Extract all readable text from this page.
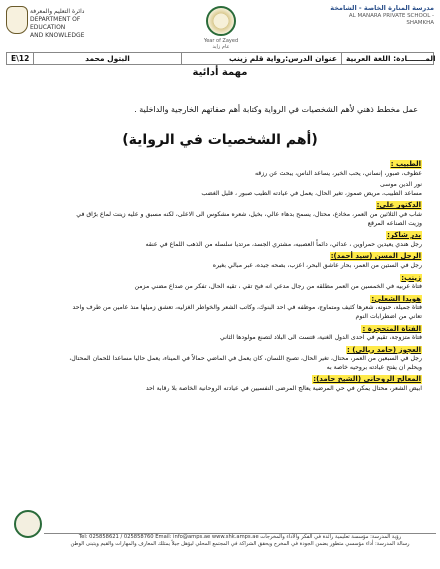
دائرة التعليم والمعرفة
DEPARTMENT OF EDUCATION
AND KNOWLEDGE
Year of Zayed
عام زايد
مدرسة المنارة الخاصة - الشامخة
AL MANARA PRIVATE SCHOOL - SHAMKHA
المـــــــادة: اللغة العربية
عنوان الدرس:رواية قلم زينب
البتول محمد
E\12
مهمة أدائية
عمل مخطط ذهني لأهم الشخصيات في الرواية وكتابة أهم صفاتهم الخارجية والداخلية .
(أهم الشخصيات في الرواية)
الطبيب :
عطوف، صبور، إنساني، يحب الخير، يساعد الناس، يبحث عن رزقه
نور الدين موسى
مساعد الطبيب، مريض صموز، تغير الحال، يعمل في عيادته الطيب صبور ، قليل الغضب
الدكتور علي:
شاب في الثلاثين من العمر، مخادع، محتال، يسمح بدهاء عالي، بخيل، شعره مشكوس الى الاعلى، لكنه مسبق و عليه زينت لماع برّاق في
وزيت الصناعه المرقع
بدر شاكر:
رجل هندي يعيدين حمراوين ، عدائي، دائماً العصبيه، مشتري الجسد، مرتديا سلسله من الذهب اللماع في عنقه
الرجل المسن (سيد أحمد):
رجل في الستين من العمر، بحار عاشق البحر، اعزب، بصحه جيده، عبر مبالي بغيره
زينب:
فتاة عربيه في الخمسين من العمر مطلقه من رجال مدعي انه فبح تقي ، تقيه الحال، تفكر من صداع مضني مزمن
هويدا الشعلي:
فتاة جميلة، حنونه، شعرها كثيف ومتماوج، موظفه في احد البنوك، وكاتب الشعر والخواطر الغزليه، تعشق زميلها منذ عامين من طرف واحد
تعاني من اضطرابات النوم
الفتاة المتحجرة :
فتاة متزوجة، تقيم في احدى الدول الغنية، قتست الى البلاد لتصنع مولودها الثاني
العجوز (حامد ربالي) :
رجل في السبعين من العمر، محتال، تغير الحال، تصبح اللسان، كان يعمل في الماضي حمالاً في الميناء، يعمل حاليا مساعدا للحمان المحتال،
ويحلم ان يفتح عيادته بروحيه خاصة به
المعالج الروحاني (الشيخ حامد):
ابيض الشعر، محتال يمكن في حي المرضية يعالج المرضى النفسيين في عيادته الروحانية الخاصة بلا رقابة احد
رؤية المدرسة: مؤسسة تعليمية رائدة في الفكر والأداء والمخرجات Tel: 025858621 / 025858760 Email: info@amps.ae www.shk.amps.ae
رسالة المدرسة: أداء مؤسسي متطور يضمن الجودة في المخرج ويحقق الشراكة في المجتمع المحلي ليؤهل جيلاً يمتلك المعارف والمهارات والقيم ويتبنى الوطن
